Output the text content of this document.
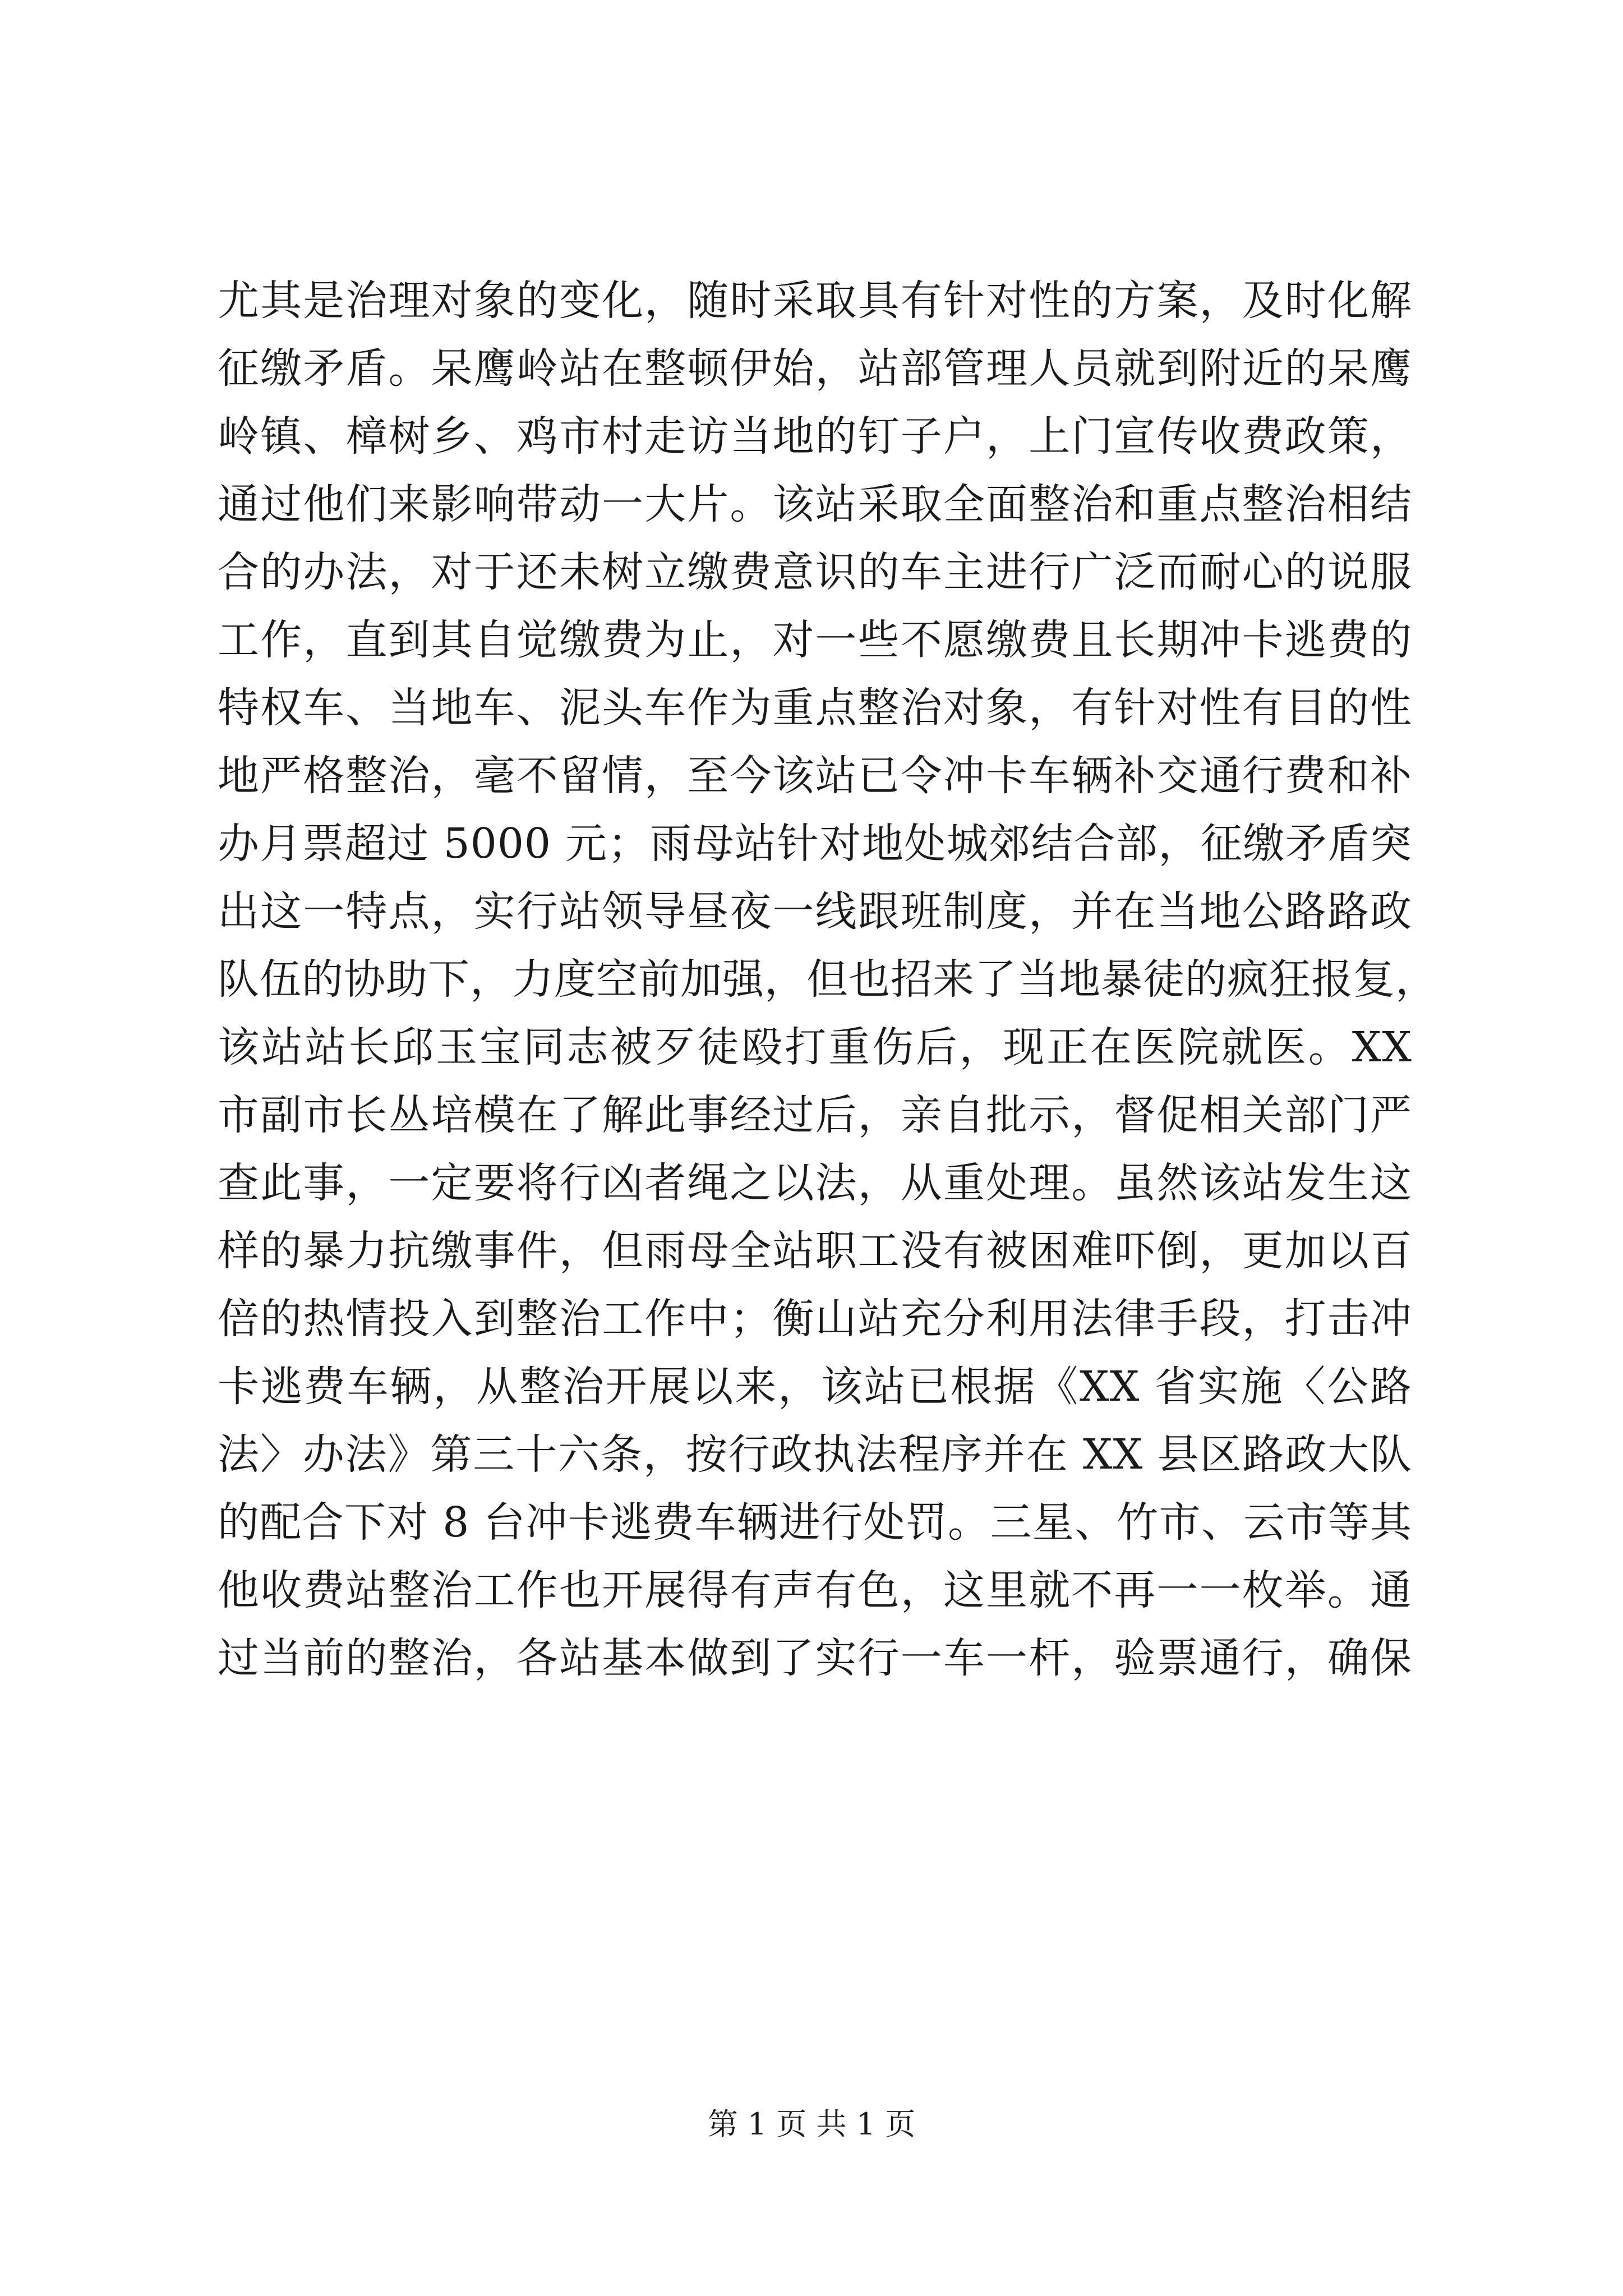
尤其是治理对象的变化，随时采取具有针对性的方案，及时化解
征缴矛盾。呆鹰岭站在整顿伊始，站部管理人员就到附近的呆鹰
岭镇、樟树乡、鸡市村走访当地的钉子户，上门宣传收费政策，
通过他们来影响带动一大片。该站采取全面整治和重点整治相结
合的办法，对于还未树立缴费意识的车主进行广泛而耐心的说服
工作，直到其自觉缴费为止，对一些不愿缴费且长期冲卡逃费的
特权车、当地车、泥头车作为重点整治对象，有针对性有目的性
地严格整治，毫不留情，至今该站已令冲卡车辆补交通行费和补
办月票超过 5000 元；雨母站针对地处城郊结合部，征缴矛盾突
出这一特点，实行站领导昼夜一线跟班制度，并在当地公路路政
队伍的协助下，力度空前加强，但也招来了当地暴徒的疯狂报复，
该站站长邱玉宝同志被歹徒殴打重伤后，现正在医院就医。XX
市副市长丛培模在了解此事经过后，亲自批示，督促相关部门严
查此事，一定要将行凶者绳之以法，从重处理。虽然该站发生这
样的暴力抗缴事件，但雨母全站职工没有被困难吓倒，更加以百
倍的热情投入到整治工作中；衡山站充分利用法律手段，打击冲
卡逃费车辆，从整治开展以来，该站已根据《XX 省实施〈公路
法〉办法》第三十六条，按行政执法程序并在 XX 县区路政大队
的配合下对 8 台冲卡逃费车辆进行处罚。三星、竹市、云市等其
他收费站整治工作也开展得有声有色，这里就不再一一枚举。通
过当前的整治，各站基本做到了实行一车一杆，验票通行，确保
第 1 页 共 1 页
